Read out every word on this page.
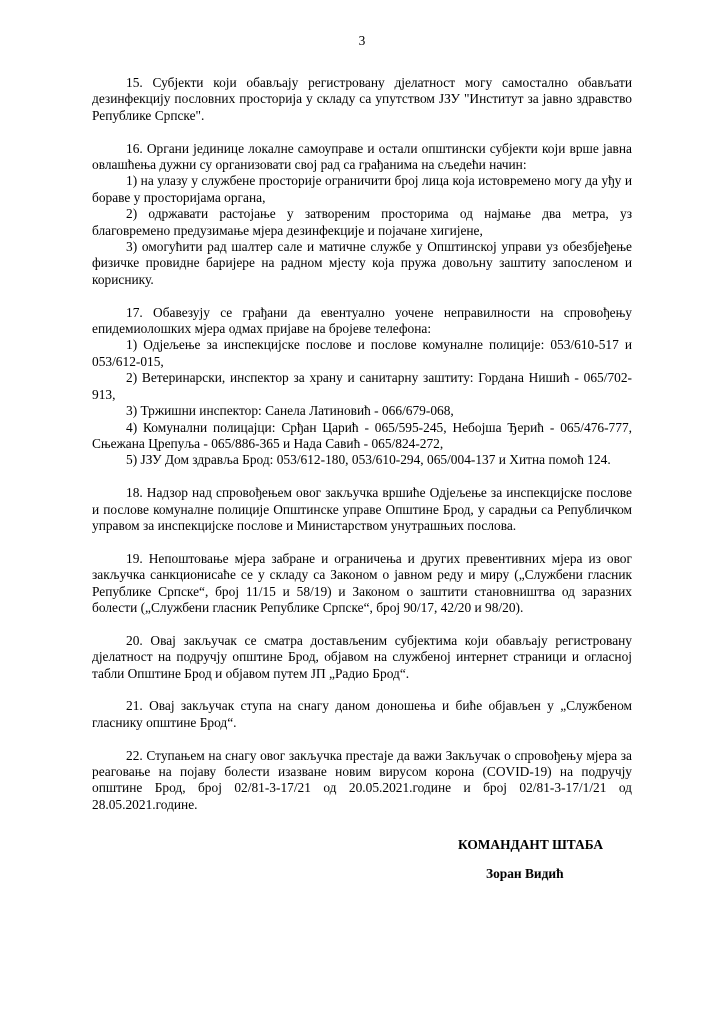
3

15. Субјекти који обављају регистровану дјелатност могу самостално обављати дезинфекцију пословних просторија у складу са упутством ЈЗУ "Институт за јавно здравство Републике Српске".

16. Органи јединице локалне самоуправе и остали општински субјекти који врше јавна овлашћења дужни су организовати свој рад са грађанима на сљедећи начин:

1) на улазу у службене просторије ограничити број лица која истовремено могу да уђу и бораве у просторијама органа,

2) одржавати растојање у затвореним просторима од најмање два метра, уз благовремено предузимање мјера дезинфекције и појачане хигијене,

3) омогућити рад шалтер сале и матичне службе у Општинској управи уз обезбјеђење физичке провидне баријере на радном мјесту која пружа довољну заштиту запосленом и кориснику.

17. Обавезују се грађани да евентуално уочене неправилности на спровођењу епидемиолошких мјера одмах пријаве на бројеве телефона:

1) Одјељење за инспекцијске послове и послове комуналне полиције: 053/610-517 и 053/612-015,

2) Ветеринарски, инспектор за храну и санитарну заштиту: Гордана Нишић - 065/702-913,

3) Тржишни инспектор: Санела Латиновић - 066/679-068,

4) Комунални полицајци: Срђан Царић - 065/595-245, Небојша Ђерић - 065/476-777, Сњежана Црепуља - 065/886-365 и Нада Савић - 065/824-272,

5) ЈЗУ Дом здравља Брод: 053/612-180, 053/610-294, 065/004-137 и Хитна помоћ 124.

18. Надзор над спровођењем овог закључка вршиће Одјељење за инспекцијске послове и послове комуналне полиције Општинске управе Општине Брод, у сарадњи са Републичком управом за инспекцијске послове и Министарством унутрашњих послова.

19. Непоштовање мјера забране и ограничења и других превентивних мјера из овог закључка санкционисаће се у складу са Законом о јавном реду и миру („Службени гласник Републике Српске“, број 11/15 и 58/19) и Законом о заштити становништва од заразних болести („Службени гласник Републике Српске“, број 90/17, 42/20 и 98/20).

20. Овај закључак се сматра достављеним субјектима који обављају регистровану дјелатност на подручју општине Брод, објавом на службеној интернет страници и огласној табли Општине Брод и објавом путем ЈП „Радио Брод“.

21. Овај закључак ступа на снагу даном доношења и биће објављен у „Службеном гласнику општине Брод“.

22. Ступањем на снагу овог закључка престаје да важи Закључак о спровођењу мјера за реаговање на појаву болести изазване новим вирусом корона (COVID-19) на подручју општине Брод, број 02/81-3-17/21 од 20.05.2021.године и број 02/81-3-17/1/21 од 28.05.2021.године.

КОМАНДАНТ ШТАБА
Зоран Видић
